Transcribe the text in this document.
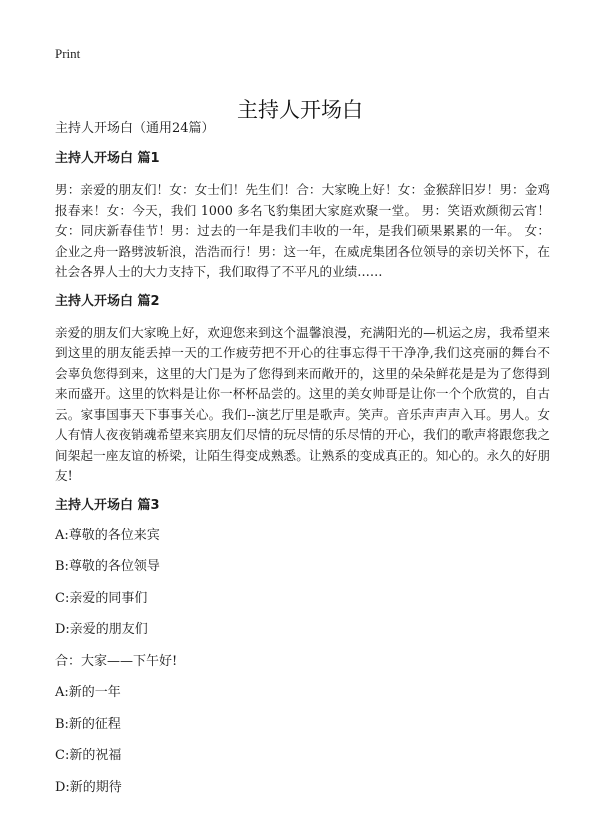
Print
主持人开场白
主持人开场白（通用24篇）
主持人开场白 篇1

男：亲爱的朋友们！女：女士们！先生们！合：大家晚上好！女：金猴辞旧岁！男：金鸡报春来！女：今天，我们 1000 多名飞豹集团大家庭欢聚一堂。 男：笑语欢颜彻云宵！女：同庆新春佳节！男：过去的一年是我们丰收的一年，是我们硕果累累的一年。 女：企业之舟一路劈波斩浪，浩浩而行！男：这一年，在威虎集团各位领导的亲切关怀下，在社会各界人士的大力支持下，我们取得了不平凡的业绩……

主持人开场白 篇2

亲爱的朋友们大家晚上好，欢迎您来到这个温馨浪漫，充满阳光的—机运之房，我希望来到这里的朋友能丢掉一天的工作疲劳把不开心的往事忘得干干净净,我们这亮丽的舞台不会辜负您得到来，这里的大门是为了您得到来而敞开的，这里的朵朵鲜花是是为了您得到来而盛开。这里的饮料是让你一杯杯品尝的。这里的美女帅哥是让你一个个欣赏的，自古云。家事国事天下事事关心。我们--演艺厅里是歌声。笑声。音乐声声声入耳。男人。女人有情人夜夜销魂希望来宾朋友们尽情的玩尽情的乐尽情的开心，我们的歌声将跟您我之间架起一座友谊的桥梁，让陌生得变成熟悉。让熟系的变成真正的。知心的。永久的好朋友!

主持人开场白 篇3
A:尊敬的各位来宾
B:尊敬的各位领导
C:亲爱的同事们
D:亲爱的朋友们
合：大家——下午好!
A:新的一年
B:新的征程
C:新的祝福
D:新的期待
